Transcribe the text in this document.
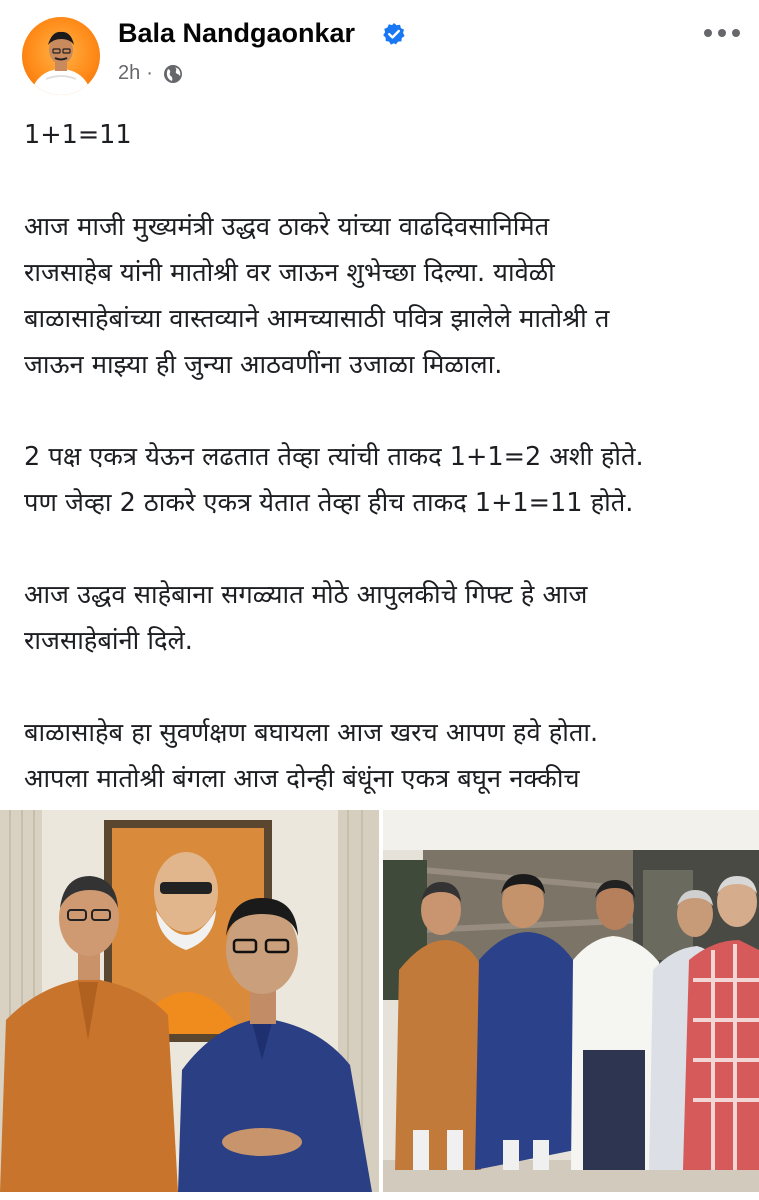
Bala Nandgaonkar
2h ·

1+1=11

आज माजी मुख्यमंत्री उद्धव ठाकरे यांच्या वाढदिवसानिमित
राजसाहेब यांनी मातोश्री वर जाऊन शुभेच्छा दिल्या. यावेळी
बाळासाहेबांच्या वास्तव्याने आमच्यासाठी पवित्र झालेले मातोश्री त
जाऊन माझ्या ही जुन्या आठवणींना उजाळा मिळाला.

2 पक्ष एकत्र येऊन लढतात तेव्हा त्यांची ताकद 1+1=2 अशी होते.
पण जेव्हा 2 ठाकरे एकत्र येतात तेव्हा हीच ताकद 1+1=11 होते.

आज उद्धव साहेबाना सगळ्यात मोठे आपुलकीचे गिफ्ट हे आज
राजसाहेबांनी दिले.

बाळासाहेब हा सुवर्णक्षण बघायला आज खरच आपण हवे होता.
आपला मातोश्री बंगला आज दोन्ही बंधूंना एकत्र बघून नक्कीच
